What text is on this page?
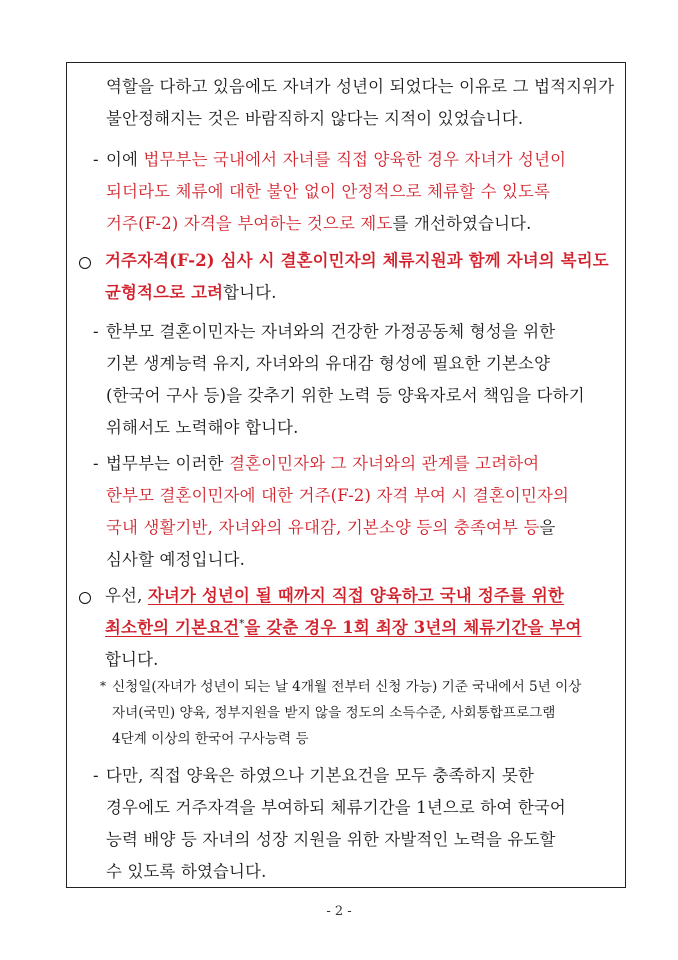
역할을 다하고 있음에도 자녀가 성년이 되었다는 이유로 그 법적지위가
불안정해지는 것은 바람직하지 않다는 지적이 있었습니다.
- 이에 법무부는 국내에서 자녀를 직접 양육한 경우 자녀가 성년이
되더라도 체류에 대한 불안 없이 안정적으로 체류할 수 있도록
거주(F-2) 자격을 부여하는 것으로 제도를 개선하였습니다.
거주자격(F-2) 심사 시 결혼이민자의 체류지원과 함께 자녀의 복리도
균형적으로 고려합니다.
- 한부모 결혼이민자는 자녀와의 건강한 가정공동체 형성을 위한
기본 생계능력 유지, 자녀와의 유대감 형성에 필요한 기본소양
(한국어 구사 등)을 갖추기 위한 노력 등 양육자로서 책임을 다하기
위해서도 노력해야 합니다.
- 법무부는 이러한 결혼이민자와 그 자녀와의 관계를 고려하여
한부모 결혼이민자에 대한 거주(F-2) 자격 부여 시 결혼이민자의
국내 생활기반, 자녀와의 유대감, 기본소양 등의 충족여부 등을
심사할 예정입니다.
우선, 자녀가 성년이 될 때까지 직접 양육하고 국내 정주를 위한
최소한의 기본요건*을 갖춘 경우 1회 최장 3년의 체류기간을 부여
합니다.
* 신청일(자녀가 성년이 되는 날 4개월 전부터 신청 가능) 기준 국내에서 5년 이상
자녀(국민) 양육, 정부지원을 받지 않을 정도의 소득수준, 사회통합프로그램
4단계 이상의 한국어 구사능력 등
- 다만, 직접 양육은 하였으나 기본요건을 모두 충족하지 못한
경우에도 거주자격을 부여하되 체류기간을 1년으로 하여 한국어
능력 배양 등 자녀의 성장 지원을 위한 자발적인 노력을 유도할
수 있도록 하였습니다.
- 2 -
